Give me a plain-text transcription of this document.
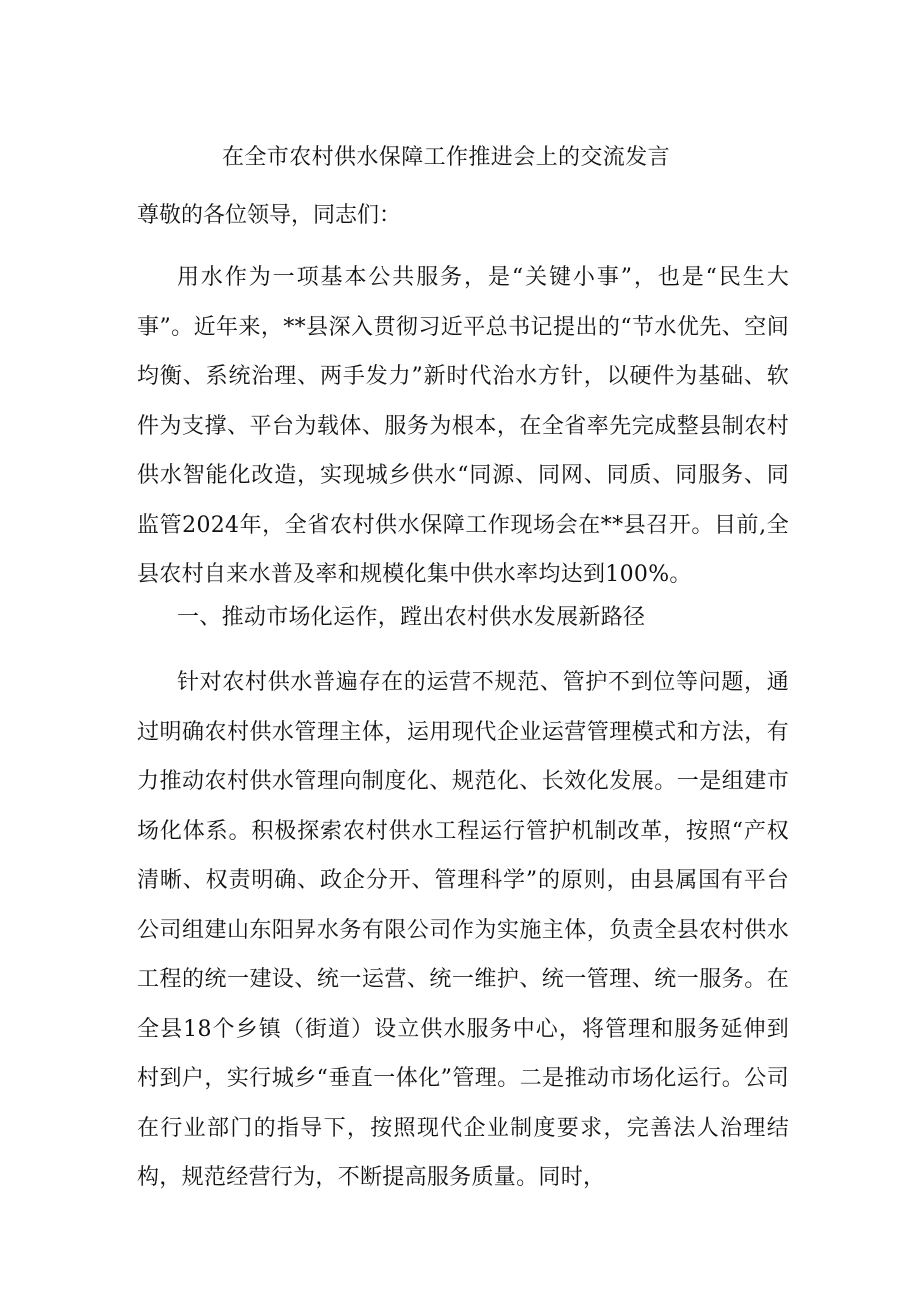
在全市农村供水保障工作推进会上的交流发言

尊敬的各位领导，同志们：

用水作为一项基本公共服务，是“关键小事”，也是“民生大事”。近年来，**县深入贯彻习近平总书记提出的“节水优先、空间均衡、系统治理、两手发力”新时代治水方针，以硬件为基础、软件为支撑、平台为载体、服务为根本，在全省率先完成整县制农村供水智能化改造，实现城乡供水“同源、同网、同质、同服务、同监管2024年，全省农村供水保障工作现场会在**县召开。目前,全县农村自来水普及率和规模化集中供水率均达到100%。

一、推动市场化运作，蹚出农村供水发展新路径

针对农村供水普遍存在的运营不规范、管护不到位等问题，通过明确农村供水管理主体，运用现代企业运营管理模式和方法，有力推动农村供水管理向制度化、规范化、长效化发展。一是组建市场化体系。积极探索农村供水工程运行管护机制改革，按照“产权清晰、权责明确、政企分开、管理科学”的原则，由县属国有平台公司组建山东阳昇水务有限公司作为实施主体，负责全县农村供水工程的统一建设、统一运营、统一维护、统一管理、统一服务。在全县18个乡镇（街道）设立供水服务中心，将管理和服务延伸到村到户，实行城乡“垂直一体化”管理。二是推动市场化运行。公司在行业部门的指导下，按照现代企业制度要求，完善法人治理结构，规范经营行为，不断提高服务质量。同时，
